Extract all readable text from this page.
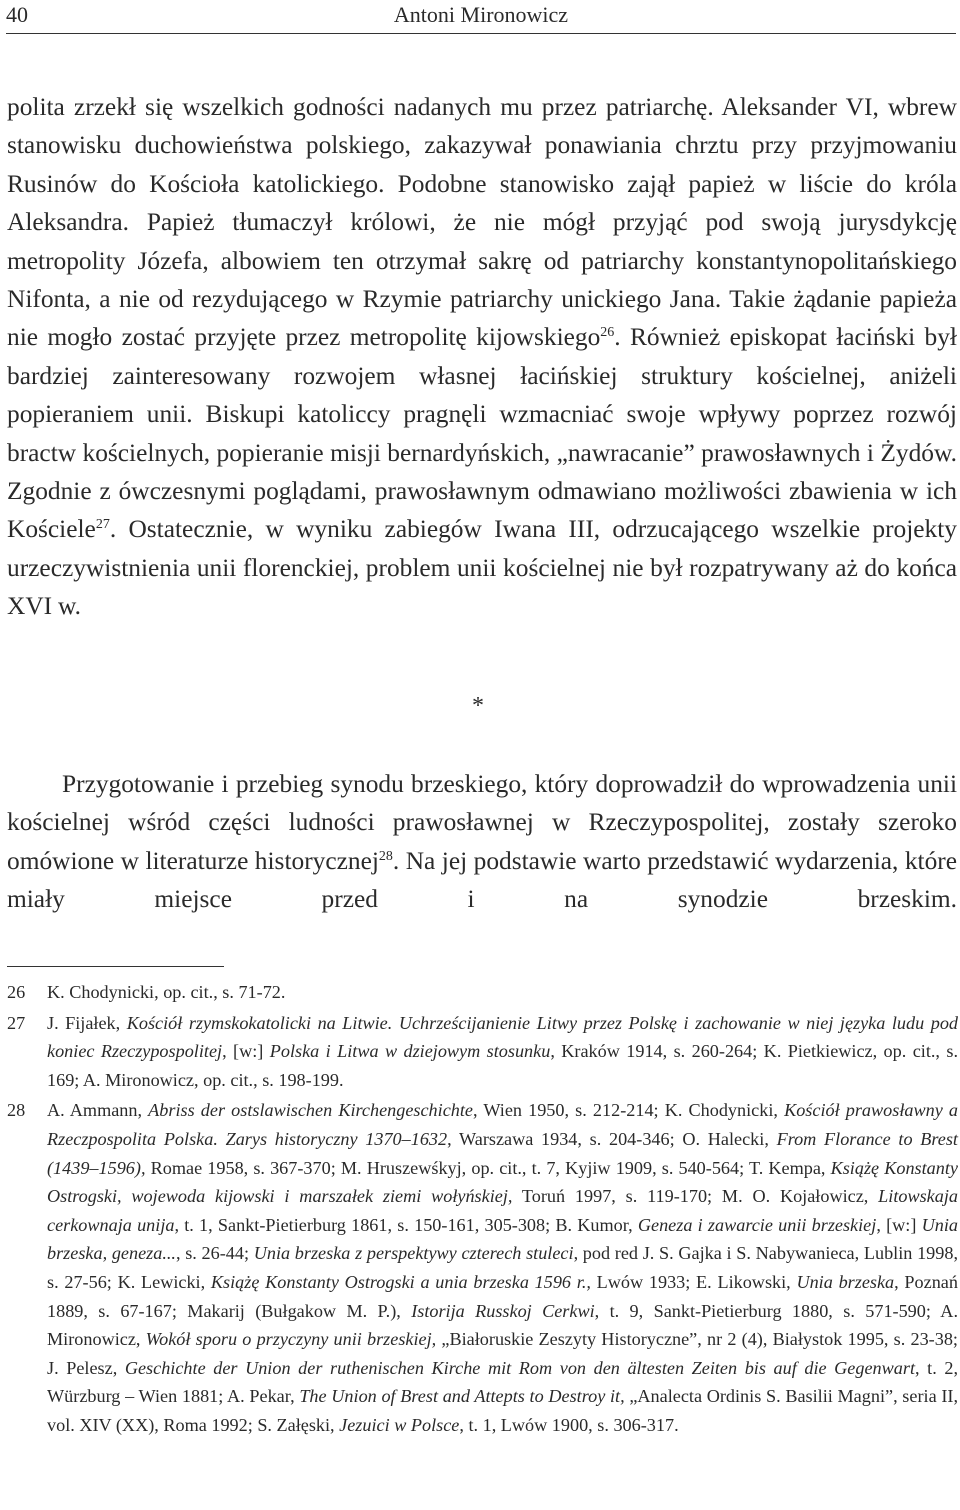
40	Antoni Mironowicz

polita zrzekł się wszelkich godności nadanych mu przez patriarchę. Aleksander VI, wbrew stanowisku duchowieństwa polskiego, zakazywał ponawiania chrztu przy przyjmowaniu Rusinów do Kościoła katolickiego. Podobne stanowisko zajął papież w liście do króla Aleksandra. Papież tłumaczył królowi, że nie mógł przyjąć pod swoją jurysdykcję metropolity Józefa, albowiem ten otrzymał sakrę od patriarchy konstantynopolitańskiego Nifonta, a nie od rezydującego w Rzymie patriarchy unickiego Jana. Takie żądanie papieża nie mogło zostać przyjęte przez metropolitę kijowskiego$^{26}$. Również episkopat łaciński był bardziej zainteresowany rozwojem własnej łacińskiej struktury kościelnej, aniżeli popieraniem unii. Biskupi katoliccy pragnęli wzmacniać swoje wpływy poprzez rozwój bractw kościelnych, popieranie misji bernardyńskich, „nawracanie” prawosławnych i Żydów. Zgodnie z ówczesnymi poglądami, prawosławnym odmawiano możliwości zbawienia w ich Kościele$^{27}$. Ostatecznie, w wyniku zabiegów Iwana III, odrzucającego wszelkie projekty urzeczywistnienia unii florenckiej, problem unii kościelnej nie był rozpatrywany aż do końca XVI w.

*

Przygotowanie i przebieg synodu brzeskiego, który doprowadził do wprowadzenia unii kościelnej wśród części ludności prawosławnej w Rzeczypospolitej, zostały szeroko omówione w literaturze historycznej$^{28}$. Na jej podstawie warto przedstawić wydarzenia, które miały miejsce przed i na synodzie brzeskim.

26 K. Chodynicki, op. cit., s. 71-72.
27 J. Fijałek, Kościół rzymskokatolicki na Litwie. Uchrześcijanienie Litwy przez Polskę i zachowanie w niej języka ludu pod koniec Rzeczypospolitej, [w:] Polska i Litwa w dziejowym stosunku, Kraków 1914, s. 260-264; K. Pietkiewicz, op. cit., s. 169; A. Mironowicz, op. cit., s. 198-199.
28 A. Ammann, Abriss der ostslawischen Kirchengeschichte, Wien 1950, s. 212-214; K. Chodynicki, Kościół prawosławny a Rzeczpospolita Polska. Zarys historyczny 1370–1632, Warszawa 1934, s. 204-346; O. Halecki, From Florance to Brest (1439–1596), Romae 1958, s. 367-370; M. Hruszewśkyj, op. cit., t. 7, Kyjiw 1909, s. 540-564; T. Kempa, Książę Konstanty Ostrogski, wojewoda kijowski i marszałek ziemi wołyńskiej, Toruń 1997, s. 119-170; M. O. Kojałowicz, Litowskaja cerkownaja unija, t. 1, Sankt-Pietierburg 1861, s. 150-161, 305-308; B. Kumor, Geneza i zawarcie unii brzeskiej, [w:] Unia brzeska, geneza..., s. 26-44; Unia brzeska z perspektywy czterech stuleci, pod red J. S. Gajka i S. Nabywanieca, Lublin 1998, s. 27-56; K. Lewicki, Książę Konstanty Ostrogski a unia brzeska 1596 r., Lwów 1933; E. Likowski, Unia brzeska, Poznań 1889, s. 67-167; Makarij (Bułgakow M. P.), Istorija Russkoj Cerkwi, t. 9, Sankt-Pietierburg 1880, s. 571-590; A. Mironowicz, Wokół sporu o przyczyny unii brzeskiej, „Białoruskie Zeszyty Historyczne”, nr 2 (4), Białystok 1995, s. 23-38; J. Pelesz, Geschichte der Union der ruthenischen Kirche mit Rom von den ältesten Zeiten bis auf die Gegenwart, t. 2, Würzburg – Wien 1881; A. Pekar, The Union of Brest and Attepts to Destroy it, „Analecta Ordinis S. Basilii Magni”, seria II, vol. XIV (XX), Roma 1992; S. Załęski, Jezuici w Polsce, t. 1, Lwów 1900, s. 306-317.
